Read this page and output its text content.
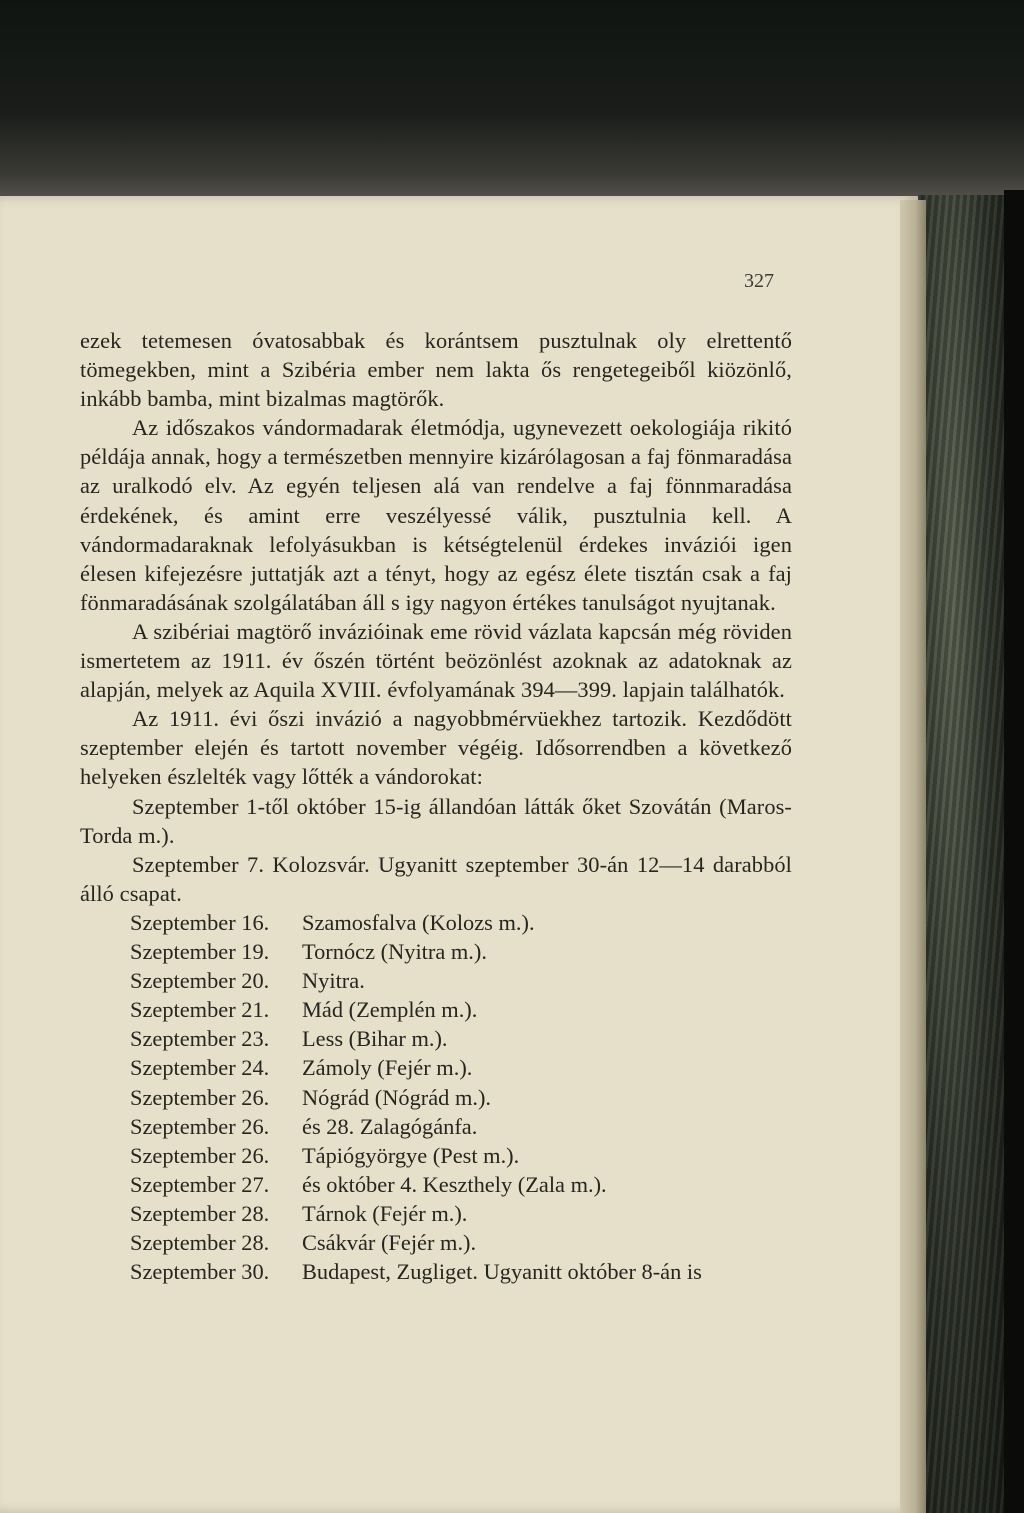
327

ezek tetemesen óvatosabbak és korántsem pusztulnak oly elrettentő tömegekben, mint a Szibéria ember nem lakta ős rengetegeiből kiözönlő, inkább bamba, mint bizalmas magtörők.

Az időszakos vándormadarak életmódja, ugynevezett oekologiája rikitó példája annak, hogy a természetben mennyire kizárólagosan a faj fönmaradása az uralkodó elv. Az egyén teljesen alá van rendelve a faj fönnmaradása érdekének, és amint erre veszélyessé válik, pusztulnia kell. A vándormadaraknak lefolyásukban is kétségtelenül érdekes inváziói igen élesen kifejezésre juttatják azt a tényt, hogy az egész élete tisztán csak a faj fönmaradásának szolgálatában áll s igy nagyon értékes tanulságot nyujtanak.

A szibériai magtörő invázióinak eme rövid vázlata kapcsán még röviden ismertetem az 1911. év őszén történt beözönlést azoknak az adatoknak az alapján, melyek az Aquila XVIII. évfolyamának 394—399. lapjain találhatók.

Az 1911. évi őszi invázió a nagyobbmérvüekhez tartozik. Kezdődött szeptember elején és tartott november végéig. Idősorrendben a következő helyeken észlelték vagy lőtték a vándorokat:

Szeptember 1-től október 15-ig állandóan látták őket Szovátán (Maros-Torda m.).

Szeptember 7. Kolozsvár. Ugyanitt szeptember 30-án 12—14 darabból álló csapat.

Szeptember 16.	Szamosfalva (Kolozs m.).
Szeptember 19.	Tornócz (Nyitra m.).
Szeptember 20.	Nyitra.
Szeptember 21.	Mád (Zemplén m.).
Szeptember 23.	Less (Bihar m.).
Szeptember 24.	Zámoly (Fejér m.).
Szeptember 26.	Nógrád (Nógrád m.).
Szeptember 26.	és 28. Zalagógánfa.
Szeptember 26.	Tápiógyörgye (Pest m.).
Szeptember 27.	és október 4. Keszthely (Zala m.).
Szeptember 28.	Tárnok (Fejér m.).
Szeptember 28.	Csákvár (Fejér m.).
Szeptember 30.	Budapest, Zugliget. Ugyanitt október 8-án is
